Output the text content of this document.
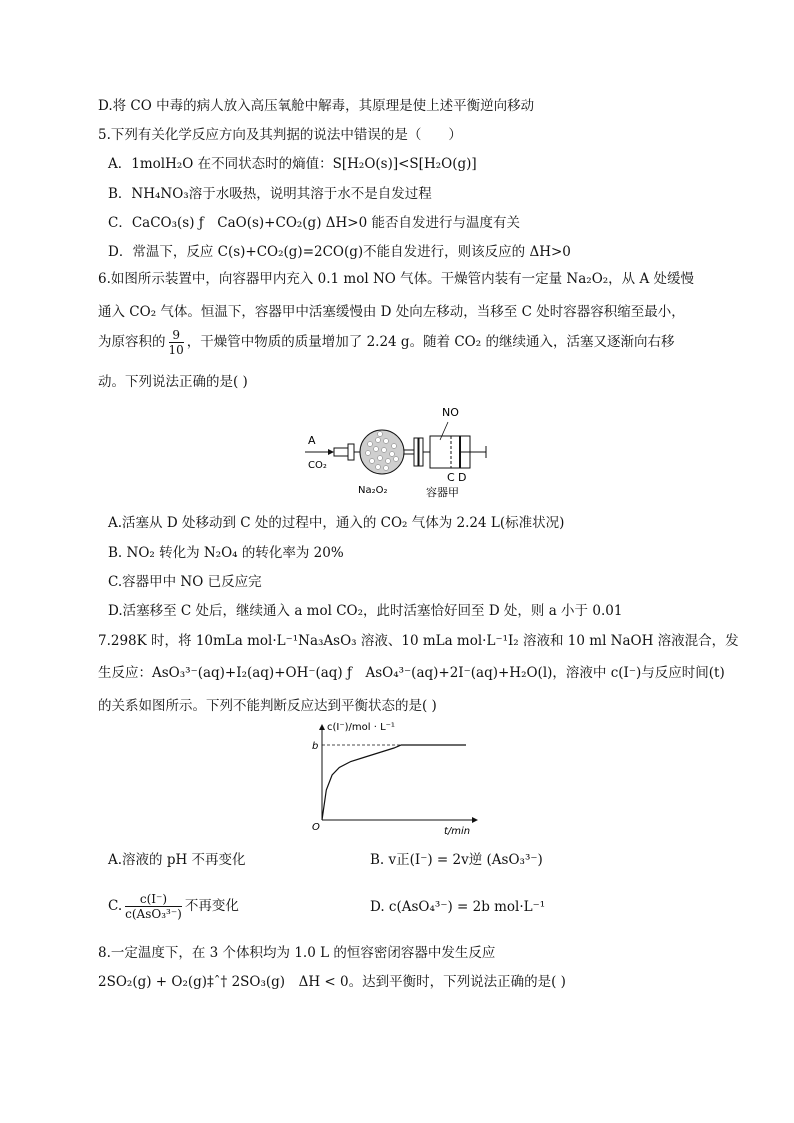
D.将 CO 中毒的病人放入高压氧舱中解毒，其原理是使上述平衡逆向移动
5.下列有关化学反应方向及其判据的说法中错误的是（　　）
A．1molH₂O 在不同状态时的熵值：S[H₂O(s)]<S[H₂O(g)]
B．NH₄NO₃溶于水吸热，说明其溶于水不是自发过程
C．CaCO₃(s) ƒ　CaO(s)+CO₂(g) ΔH>0 能否自发进行与温度有关
D．常温下，反应 C(s)+CO₂(g)=2CO(g)不能自发进行，则该反应的 ΔH>0
6.如图所示装置中，向容器甲内充入 0.1 mol NO 气体。干燥管内装有一定量 Na₂O₂，从 A 处缓慢
通入 CO₂ 气体。恒温下，容器甲中活塞缓慢由 D 处向左移动，当移至 C 处时容器容积缩至最小，
为原容积的 $\frac{9}{10}$ ，干燥管中物质的质量增加了 2.24 g。随着 CO₂ 的继续通入，活塞又逐渐向右移
动。下列说法正确的是( )
A
CO₂
Na₂O₂
NO
C D
容器甲
A.活塞从 D 处移动到 C 处的过程中，通入的 CO₂ 气体为 2.24 L(标准状况)
B. NO₂ 转化为 N₂O₄ 的转化率为 20%
C.容器甲中 NO 已反应完
D.活塞移至 C 处后，继续通入 a mol CO₂，此时活塞恰好回至 D 处，则 a 小于 0.01
7.298K 时，将 10mLa mol·L⁻¹Na₃AsO₃ 溶液、10 mLa mol·L⁻¹I₂ 溶液和 10 ml NaOH 溶液混合，发
生反应：AsO₃³⁻(aq)+I₂(aq)+OH⁻(aq) ƒ　AsO₄³⁻(aq)+2I⁻(aq)+H₂O(l)，溶液中 c(I⁻)与反应时间(t)
的关系如图所示。下列不能判断反应达到平衡状态的是( )
c(I⁻)/mol · L⁻¹
t/min
O
b
A.溶液的 pH 不再变化	B. v正(I⁻) = 2v逆 (AsO₃³⁻)
C. $\frac{c(I^-)}{\text{c(AsO₃³⁻)}}$ 不再变化	D. c(AsO₄³⁻) = 2b mol·L⁻¹
8.一定温度下，在 3 个体积均为 1.0 L 的恒容密闭容器中发生反应
2SO₂(g) + O₂(g)‡ˆ† 2SO₃(g)　ΔH < 0。达到平衡时，下列说法正确的是( )
